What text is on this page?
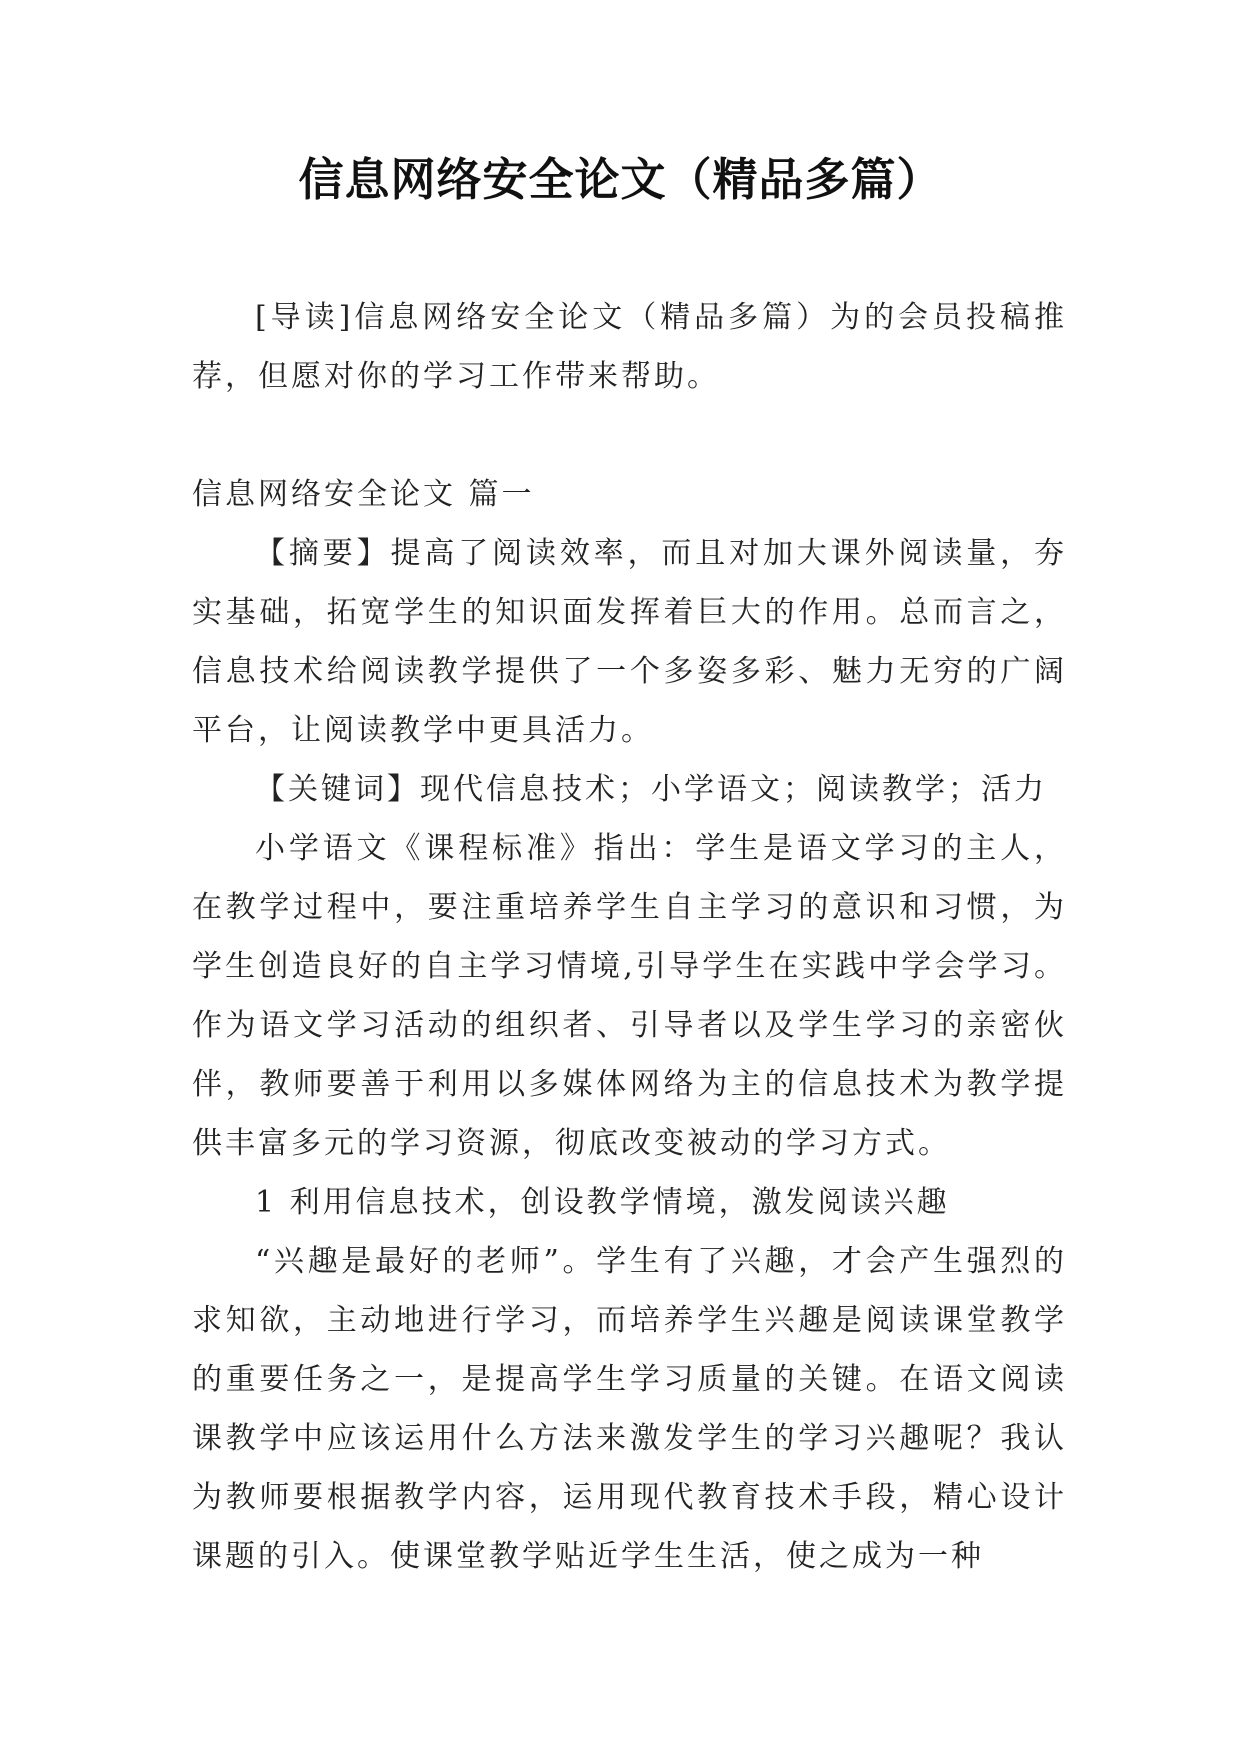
信息网络安全论文（精品多篇）

[导读]信息网络安全论文（精品多篇）为的会员投稿推荐，但愿对你的学习工作带来帮助。

信息网络安全论文 篇一

【摘要】提高了阅读效率，而且对加大课外阅读量，夯实基础，拓宽学生的知识面发挥着巨大的作用。总而言之，信息技术给阅读教学提供了一个多姿多彩、魅力无穷的广阔平台，让阅读教学中更具活力。

【关键词】现代信息技术；小学语文；阅读教学；活力

小学语文《课程标准》指出：学生是语文学习的主人，在教学过程中，要注重培养学生自主学习的意识和习惯，为学生创造良好的自主学习情境,引导学生在实践中学会学习。作为语文学习活动的组织者、引导者以及学生学习的亲密伙伴，教师要善于利用以多媒体网络为主的信息技术为教学提供丰富多元的学习资源，彻底改变被动的学习方式。

1 利用信息技术，创设教学情境，激发阅读兴趣

“兴趣是最好的老师”。学生有了兴趣，才会产生强烈的求知欲，主动地进行学习，而培养学生兴趣是阅读课堂教学的重要任务之一，是提高学生学习质量的关键。在语文阅读课教学中应该运用什么方法来激发学生的学习兴趣呢？我认为教师要根据教学内容，运用现代教育技术手段，精心设计课题的引入。使课堂教学贴近学生生活，使之成为一种
